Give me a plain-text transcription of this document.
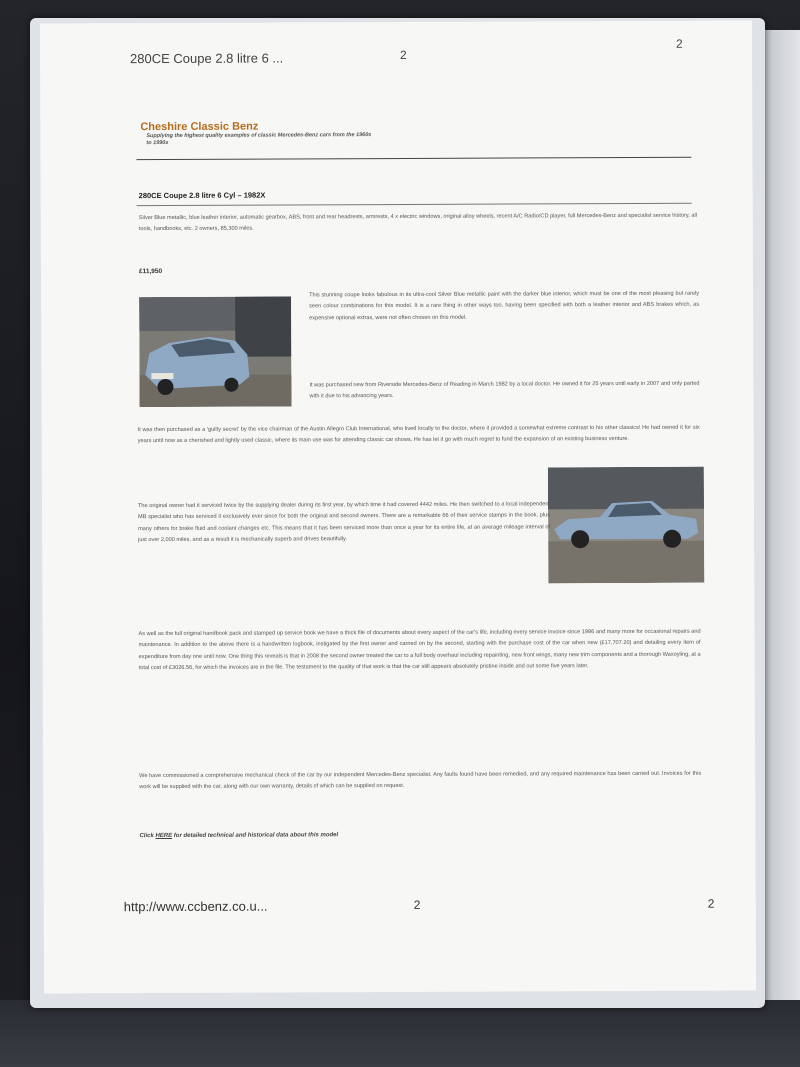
280CE Coupe 2.8 litre 6 ...	2
2
Cheshire Classic Benz
Supplying the highest quality examples of classic Mercedes-Benz cars from the 1960s to 1990s
280CE Coupe 2.8 litre 6 Cyl – 1982X
Silver Blue metallic, blue leather interior, automatic gearbox, ABS, front and rear headrests, armrests, 4 x electric windows, original alloy wheels, recent A/C Radio/CD player, full Mercedes-Benz and specialist service history, all tools, handbooks, etc. 2 owners, 85,300 miles.
£11,950
This stunning coupe looks fabulous in its ultra-cool Silver Blue metallic paint with the darker blue interior, which must be one of the most pleasing but rarely seen colour combinations for this model. It is a rare thing in other ways too, having been specified with both a leather interior and ABS brakes which, as expensive optional extras, were not often chosen on this model.
It was purchased new from Riverside Mercedes-Benz of Reading in March 1982 by a local doctor. He owned it for 25 years until early in 2007 and only parted with it due to his advancing years.
It was then purchased as a 'guilty secret' by the vice chairman of the Austin Allegro Club International, who lived locally to the doctor, where it provided a somewhat extreme contrast to his other classics! He had owned it for six years until now as a cherished and lightly used classic, where its main use was for attending classic car shows. He has let it go with much regret to fund the expansion of an existing business venture.
The original owner had it serviced twice by the supplying dealer during its first year, by which time it had covered 4442 miles. He then switched to a local independent MB specialist who has serviced it exclusively ever since for both the original and second owners. There are a remarkable 66 of their service stamps in the book, plus many others for brake fluid and coolant changes etc. This means that it has been serviced more than once a year for its entire life, at an average mileage interval of just over 2,000 miles, and as a result it is mechanically superb and drives beautifully.
As well as the full original handbook pack and stamped up service book we have a thick file of documents about every aspect of the car's life, including every service invoice since 1986 and many more for occasional repairs and maintenance. In addition to the above there is a handwritten logbook, instigated by the first owner and carried on by the second, starting with the purchase cost of the car when new (£17,707.20) and detailing every item of expenditure from day one until now. One thing this reveals is that in 2008 the second owner treated the car to a full body overhaul including repainting, new front wings, many new trim components and a thorough Waxoyling, at a total cost of £3026.56, for which the invoices are in the file. The testament to the quality of that work is that the car still appears absolutely pristine inside and out some five years later.
We have commissioned a comprehensive mechanical check of the car by our independent Mercedes-Benz specialist. Any faults found have been remedied, and any required maintenance has been carried out. Invoices for this work will be supplied with the car, along with our own warranty, details of which can be supplied on request.
Click HERE for detailed technical and historical data about this model
http://www.ccbenz.co.u...	2	2
